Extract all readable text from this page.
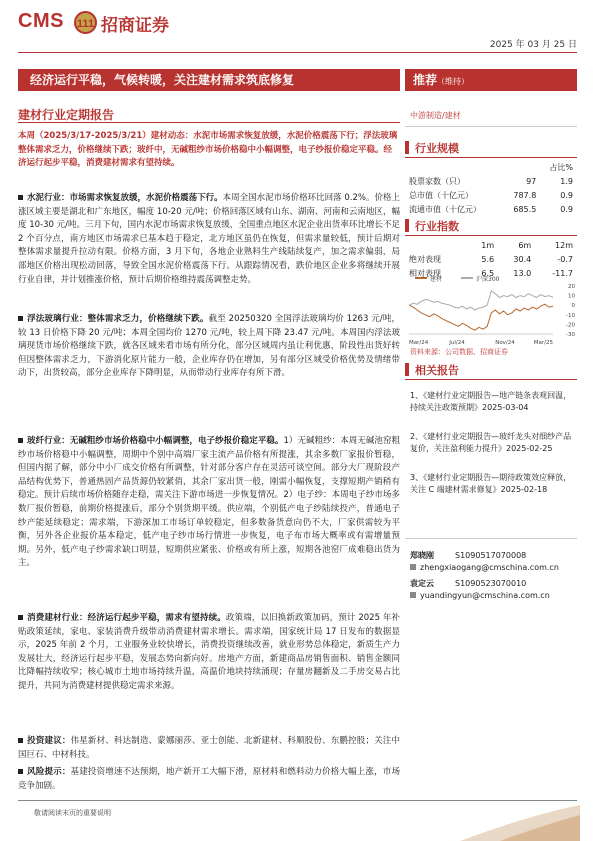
CMS 111 招商证券
2025 年 03 月 25 日
经济运行平稳，气候转暖，关注建材需求筑底修复	推荐（维持）
建材行业定期报告
本周（2025/3/17-2025/3/21）建材动态：水泥市场需求恢复放缓，水泥价格震荡下行；浮法玻璃整体需求乏力，价格继续下跌；玻纤中，无碱粗纱市场价格稳中小幅调整，电子纱报价稳定平稳。经济运行起步平稳，消费建材需求有望持续。
水泥行业：市场需求恢复放缓，水泥价格震荡下行。本周全国水泥市场价格环比回落 0.2%。价格上涨区域主要是湖北和广东地区，幅度 10-20 元/吨；价格回落区域有山东、湖南、河南和云南地区，幅度 10-30 元/吨。三月下旬，国内水泥市场需求恢复放缓，全国重点地区水泥企业出货率环比增长不足 2 个百分点，南方地区市场需求已基本趋于稳定，北方地区虽仍在恢复，但需求量较低，预计后期对整体需求量提升拉动有限。价格方面，3 月下旬，各地企业熟料生产线陆续复产，加之需求偏弱，局部地区价格出现松动回落，导致全国水泥价格震荡下行。从跟踪情况看，跌价地区企业多将继续开展行业自律，并计划推涨价格，预计后期价格维持震荡调整走势。
浮法玻璃行业：整体需求乏力，价格继续下跌。截至 20250320 全国浮法玻璃均价 1263 元/吨，较 13 日价格下降 20 元/吨；本周全国均价 1270 元/吨，较上周下降 23.47 元/吨。本周国内浮法玻璃现货市场价格继续下跌，就各区域来看市场有所分化，部分区域周内虽让利优惠，阶段性出货好转但因整体需求乏力，下游消化原片能力一般，企业库存仍在增加，另有部分区域受价格优势及情绪带动下，出货较高，部分企业库存下降明显，从而带动行业库存有所下滑。
玻纤行业：无碱粗纱市场价格稳中小幅调整，电子纱报价稳定平稳。1）无碱粗纱：本周无碱池窑粗纱市场价格稳中小幅调整，周期中个别中高端厂家主流产品价格有所提涨，其余多数厂家报价暂稳，但国内据了解，部分中小厂成交价格有所调整，针对部分客户存在灵活可谈空间。部分大厂现阶段产品结构优势下，普通热固产品货源仍较紧俏，其余厂家出货一般，刚需小幅恢复，支撑短期产销稍有稳定。预计后续市场价格随存走稳，需关注下游市场进一步恢复情况。2）电子纱：本周电子纱市场多数厂报价暂稳，前期价格提涨后，部分个别货期平缓。供应端，个别低产电子纱陆续投产，普通电子纱产能延续稳定；需求端，下游深加工市场订单较稳定，但多数备货意向仍不大，厂家供需较为平衡，另外各企业报价基本稳定，低产电子纱市场行情进一步恢复，电子布市场大概率或有需增量预期。另外，低产电子纱需求缺口明显，短期供应紧张、价格或有所上涨，短期各池窑厂成难稳出货为主。
消费建材行业：经济运行起步平稳，需求有望持续。政策端，以旧换新政策加码，预计 2025 年补贴政策延续，家电、家装消费升级带动消费建材需求增长。需求端，国家统计局 17 日发布的数据显示，2025 年前 2 个月，工业服务业较快增长，消费投资继续改善，就业形势总体稳定，新质生产力发展壮大，经济运行起步平稳，发展态势向新向好。房地产方面，新建商品房销售面积、销售金额同比降幅持续收窄；核心城市土地市场持续升温，高温价地块持续涌现；存量房翻新及二手房交易占比提升，共同为消费建材提供稳定需求来源。
投资建议：伟星新材、科达制造、蒙娜丽莎、亚士创能、北新建材、科顺股份、东鹏控股；关注中国巨石、中材科技。
风险提示：基建投资增速不达预期，地产新开工大幅下滑，原材料和燃料动力价格大幅上涨，市场竞争加剧。
中游制造/建材
行业规模
		占比%
股票家数（只）	97	1.9
总市值（十亿元）	787.8	0.9
流通市值（十亿元）	685.5	0.9
行业指数
	1m	6m	12m
绝对表现	5.6	30.4	-0.7
相对表现	6.5	13.0	-11.7
建材	沪深300
20
10
0
-10
-20
-30
Mar/24	Jul/24	Nov/24	Mar/25
资料来源：公司数据、招商证券
相关报告
1、《建材行业定期报告—地产链条表观回温，持续关注政策预期》2025-03-04
2、《建材行业定期报告—玻纤龙头对细纱产品复价，关注盈利能力提升》2025-02-25
3、《建材行业定期报告—期待政策效应释放，关注 C 端建材需求修复》2025-02-18
郑晓刚	S1090517070008
zhengxiaogang@cmschina.com.cn
袁定云	S1090523070010
yuandingyun@cmschina.com.cn
敬请阅读末页的重要说明
